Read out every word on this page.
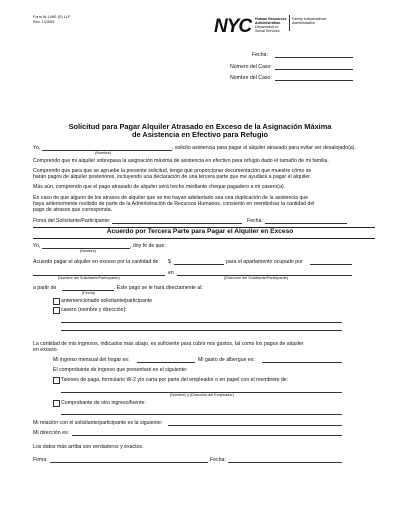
Form W-146E (S) LLF
Rev. 12/3/09	NYC Human Resources
Administration
Department of
Social Services
Family Independence
Administration
Fecha:
Número del Caso:
Nombre del Caso:
Solicitud para Pagar Alquiler Atrasado en Exceso de la Asignación Máxima
de Asistencia en Efectivo para Refugio
Yo,	, solicito asistencia para pagar el alquiler atrasado para evitar ser desalojado(a).
(Nombre)
Comprendo que mi alquiler sobrepasa la asignación máxima de asistencia en efectivo para refugio dado el tamaño de mi familia.
Comprendo que para que se apruebe la presente solicitud, tengo que proporcionar documentación que muestre cómo se
harán pagos de alquiler posteriores, incluyendo una declaración de una tercera parte que me ayudará a pagar el alquiler.
Más aún, comprendo que el pago atrasado de alquiler será hecho mediante cheque pagadero a mi casero(a).
En caso de que alguno de los atrasos de alquiler que se me hayan adelantado sea una duplicación de la asistencia que
haya anteriormente recibido de parte de la Administración de Recursos Humanos, consiento en reembolsar la cantidad del
pago de atrasos que corresponda.
Firma del Solicitante/Participante:	Fecha:
Acuerdo por Tercera Parte para Pagar el Alquiler en Exceso
Yo,	, doy fe de que:
(Nombre)
Acuerdo pagar el alquiler en exceso por la cantidad de $	para el apartamento ocupado por
en
(Nombre del Solicitante/Participante)	(Dirección del Solicitante/Participante)
a partir de	. Este pago se le hará directamente al:
(Fecha)
antemencionado solicitante/participante
casero (nombre y dirección):
La cantidad de mis ingresos, indicados más abajo, es suficiente para cubrir mis gastos, tal como los pagos de alquiler
en exceso.
Mi ingreso mensual del hogar es:	Mi gasto de albergue es:
El comprobante de ingreso que presentaré es el siguiente:
Talones de paga, formulario W-2 y/o carta por parte del empleador o en papel con el membrete de:
(Nombre) y (Dirección del Empleador)
Comprobante de otro ingreso/fuente:
Mi relación con el solicitante/participante es la siguiente:
Mi dirección es:
Los datos más arriba son verdaderos y exactos.
Firma:	Fecha:
